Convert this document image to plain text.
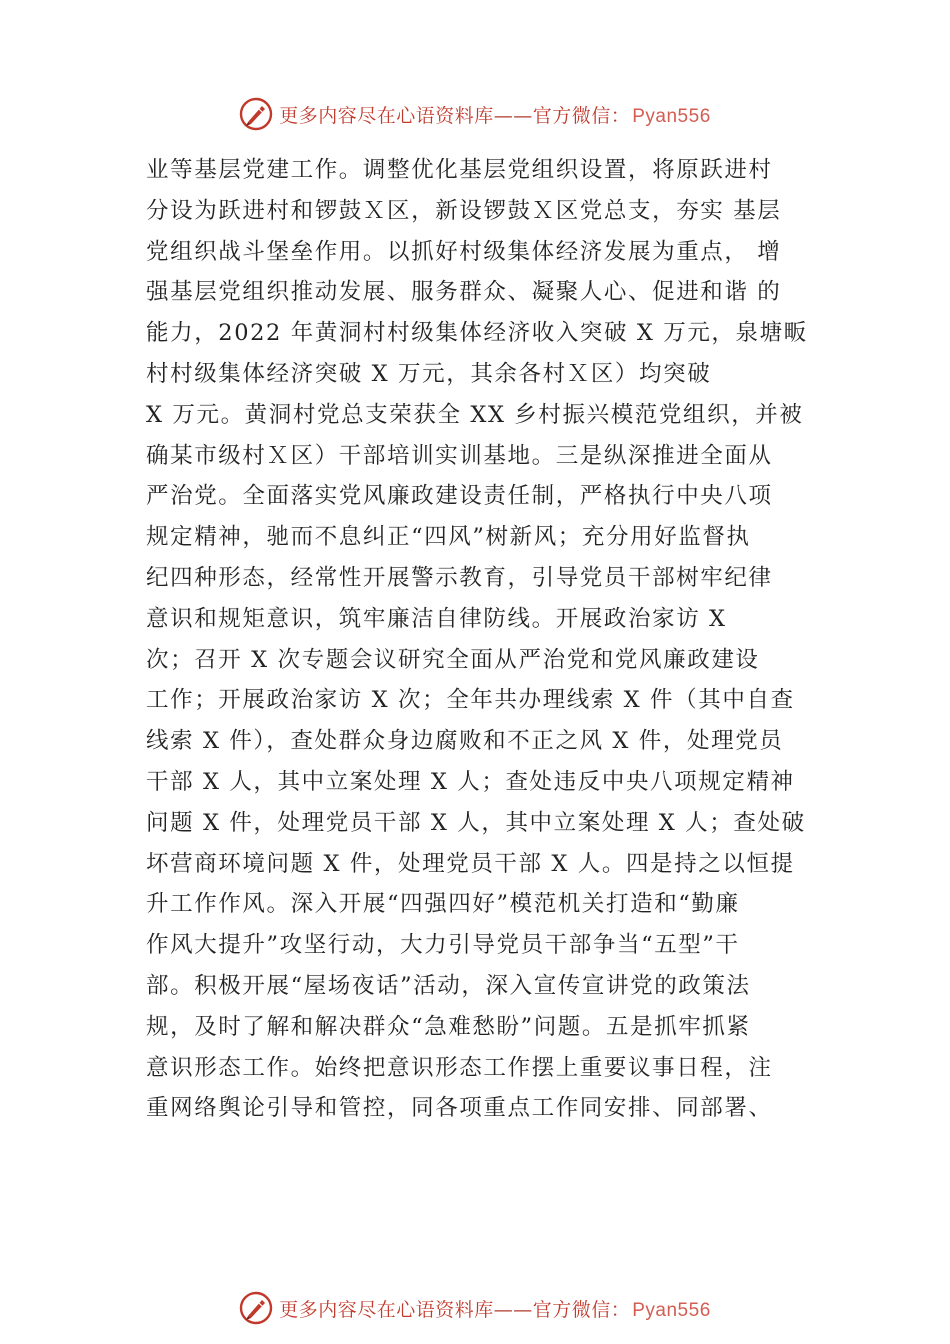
更多内容尽在心语资料库——官方微信： Pyan556
业等基层党建工作。调整优化基层党组织设置，将原跃进村
分设为跃进村和锣鼓Ｘ区，新设锣鼓Ｘ区党总支，夯实 基层
党组织战斗堡垒作用。以抓好村级集体经济发展为重点， 增
强基层党组织推动发展、服务群众、凝聚人心、促进和谐 的
能力，2022 年黄洞村村级集体经济收入突破 X 万元，泉塘畈
村村级集体经济突破 X 万元，其余各村Ｘ区）均突破
X 万元。黄洞村党总支荣获全 XX 乡村振兴模范党组织，并被
确某市级村Ｘ区）干部培训实训基地。三是纵深推进全面从
严治党。全面落实党风廉政建设责任制，严格执行中央八项
规定精神，驰而不息纠正“四风”树新风；充分用好监督执
纪四种形态，经常性开展警示教育，引导党员干部树牢纪律
意识和规矩意识，筑牢廉洁自律防线。开展政治家访 X
次；召开 X 次专题会议研究全面从严治党和党风廉政建设
工作；开展政治家访 X 次；全年共办理线索 X 件（其中自查
线索 X 件），查处群众身边腐败和不正之风 X 件，处理党员
干部 X 人，其中立案处理 X 人；查处违反中央八项规定精神
问题 X 件，处理党员干部 X 人，其中立案处理 X 人；查处破
坏营商环境问题 X 件，处理党员干部 X 人。四是持之以恒提
升工作作风。深入开展“四强四好”模范机关打造和“勤廉
作风大提升”攻坚行动，大力引导党员干部争当“五型”干
部。积极开展“屋场夜话”活动，深入宣传宣讲党的政策法
规，及时了解和解决群众“急难愁盼”问题。五是抓牢抓紧
意识形态工作。始终把意识形态工作摆上重要议事日程，注
重网络舆论引导和管控，同各项重点工作同安排、同部署、
更多内容尽在心语资料库——官方微信： Pyan556
